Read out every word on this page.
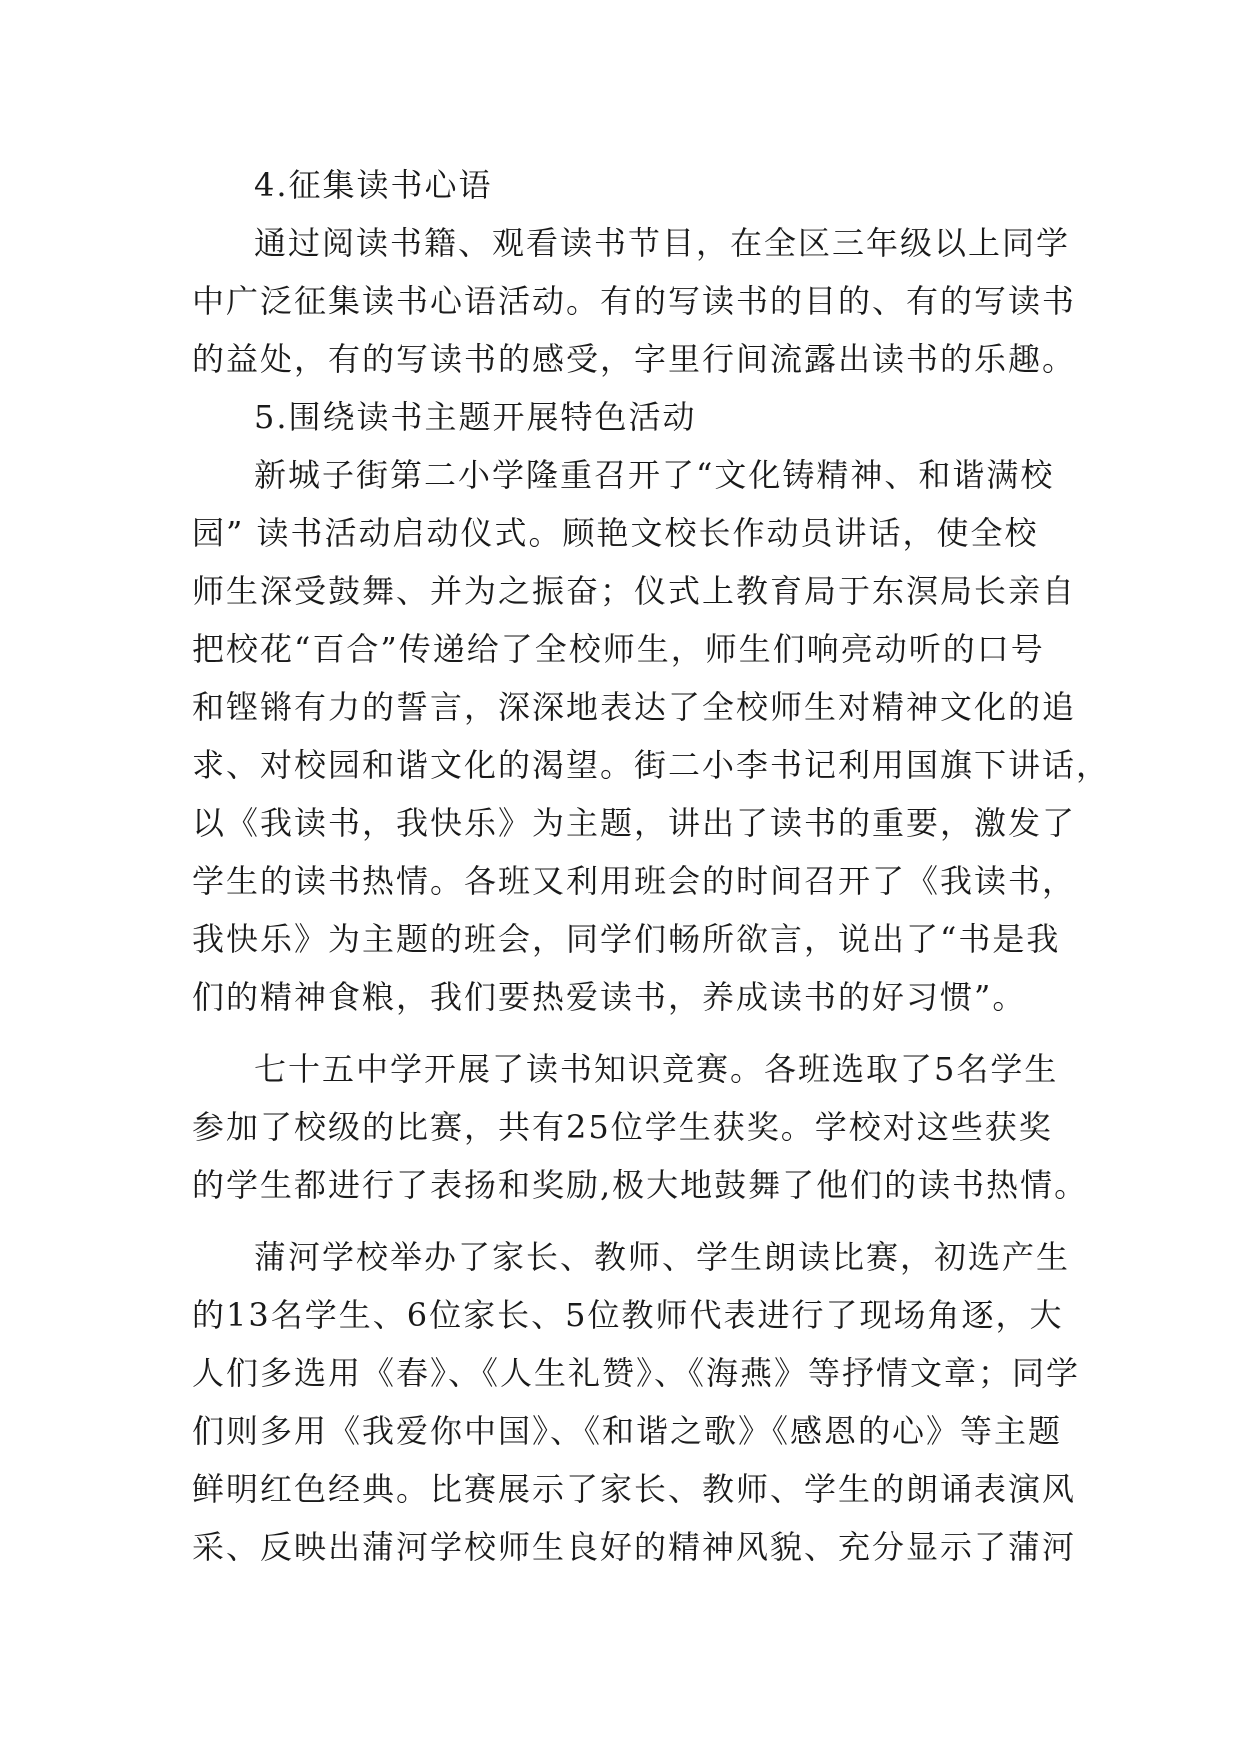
4.征集读书心语
通过阅读书籍、观看读书节目，在全区三年级以上同学
中广泛征集读书心语活动。有的写读书的目的、有的写读书
的益处，有的写读书的感受，字里行间流露出读书的乐趣。
5.围绕读书主题开展特色活动
新城子街第二小学隆重召开了“文化铸精神、和谐满校
园” 读书活动启动仪式。顾艳文校长作动员讲话，使全校
师生深受鼓舞、并为之振奋；仪式上教育局于东溟局长亲自
把校花“百合”传递给了全校师生，师生们响亮动听的口号
和铿锵有力的誓言，深深地表达了全校师生对精神文化的追
求、对校园和谐文化的渴望。街二小李书记利用国旗下讲话，
以《我读书，我快乐》为主题，讲出了读书的重要，激发了
学生的读书热情。各班又利用班会的时间召开了《我读书，
我快乐》为主题的班会，同学们畅所欲言，说出了“书是我
们的精神食粮，我们要热爱读书，养成读书的好习惯”。
七十五中学开展了读书知识竞赛。各班选取了5名学生
参加了校级的比赛，共有25位学生获奖。学校对这些获奖
的学生都进行了表扬和奖励,极大地鼓舞了他们的读书热情。
蒲河学校举办了家长、教师、学生朗读比赛，初选产生
的13名学生、6位家长、5位教师代表进行了现场角逐，大
人们多选用《春》、《人生礼赞》、《海燕》等抒情文章；同学
们则多用《我爱你中国》、《和谐之歌》《感恩的心》等主题
鲜明红色经典。比赛展示了家长、教师、学生的朗诵表演风
采、反映出蒲河学校师生良好的精神风貌、充分显示了蒲河
